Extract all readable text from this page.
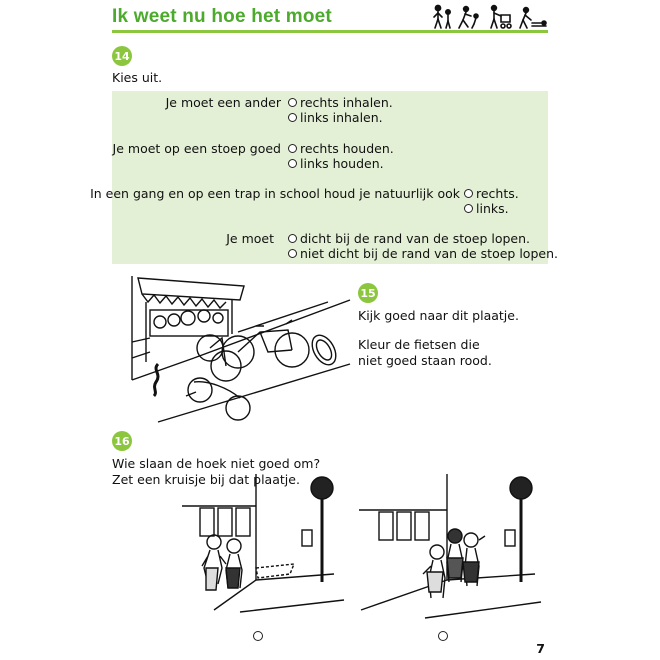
Ik weet nu hoe het moet
14
Kies uit.
Je moet een ander rechts inhalen.
links inhalen.
Je moet op een stoep goed rechts houden.
links houden.
In een gang en op een trap in school houd je natuurlijk ook rechts.
links.
Je moet dicht bij de rand van de stoep lopen.
niet dicht bij de rand van de stoep lopen.
15
Kijk goed naar dit plaatje.
Kleur de fietsen die
niet goed staan rood.
16
Wie slaan de hoek niet goed om?
Zet een kruisje bij dat plaatje.
7
